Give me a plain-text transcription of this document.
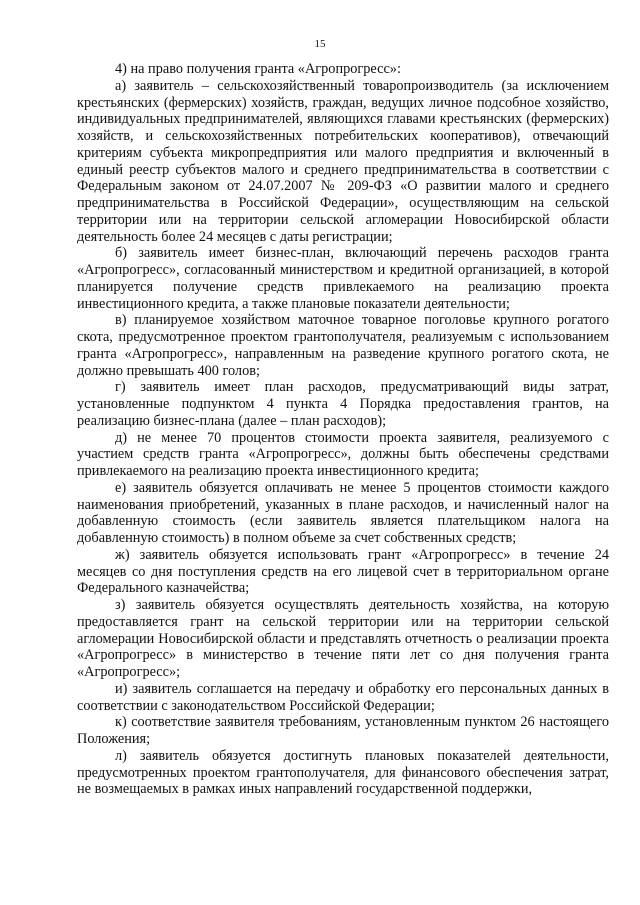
15

4) на право получения гранта «Агропрогресс»:

а) заявитель – сельскохозяйственный товаропроизводитель (за исключением крестьянских (фермерских) хозяйств, граждан, ведущих личное подсобное хозяйство, индивидуальных предпринимателей, являющихся главами крестьянских (фермерских) хозяйств, и сельскохозяйственных потребительских кооперативов), отвечающий критериям субъекта микропредприятия или малого предприятия и включенный в единый реестр субъектов малого и среднего предпринимательства в соответствии с Федеральным законом от 24.07.2007 № 209-ФЗ «О развитии малого и среднего предпринимательства в Российской Федерации», осуществляющим на сельской территории или на территории сельской агломерации Новосибирской области деятельность более 24 месяцев с даты регистрации;

б) заявитель имеет бизнес-план, включающий перечень расходов гранта «Агропрогресс», согласованный министерством и кредитной организацией, в которой планируется получение средств привлекаемого на реализацию проекта инвестиционного кредита, а также плановые показатели деятельности;

в) планируемое хозяйством маточное товарное поголовье крупного рогатого скота, предусмотренное проектом грантополучателя, реализуемым с использованием гранта «Агропрогресс», направленным на разведение крупного рогатого скота, не должно превышать 400 голов;

г) заявитель имеет план расходов, предусматривающий виды затрат, установленные подпунктом 4 пункта 4 Порядка предоставления грантов, на реализацию бизнес-плана (далее – план расходов);

д) не менее 70 процентов стоимости проекта заявителя, реализуемого с участием средств гранта «Агропрогресс», должны быть обеспечены средствами привлекаемого на реализацию проекта инвестиционного кредита;

е) заявитель обязуется оплачивать не менее 5 процентов стоимости каждого наименования приобретений, указанных в плане расходов, и начисленный налог на добавленную стоимость (если заявитель является плательщиком налога на добавленную стоимость) в полном объеме за счет собственных средств;

ж) заявитель обязуется использовать грант «Агропрогресс» в течение 24 месяцев со дня поступления средств на его лицевой счет в территориальном органе Федерального казначейства;

з) заявитель обязуется осуществлять деятельность хозяйства, на которую предоставляется грант на сельской территории или на территории сельской агломерации Новосибирской области и представлять отчетность о реализации проекта «Агропрогресс» в министерство в течение пяти лет со дня получения гранта «Агропрогресс»;

и) заявитель соглашается на передачу и обработку его персональных данных в соответствии с законодательством Российской Федерации;

к) соответствие заявителя требованиям, установленным пунктом 26 настоящего Положения;

л) заявитель обязуется достигнуть плановых показателей деятельности, предусмотренных проектом грантополучателя, для финансового обеспечения затрат, не возмещаемых в рамках иных направлений государственной поддержки,
